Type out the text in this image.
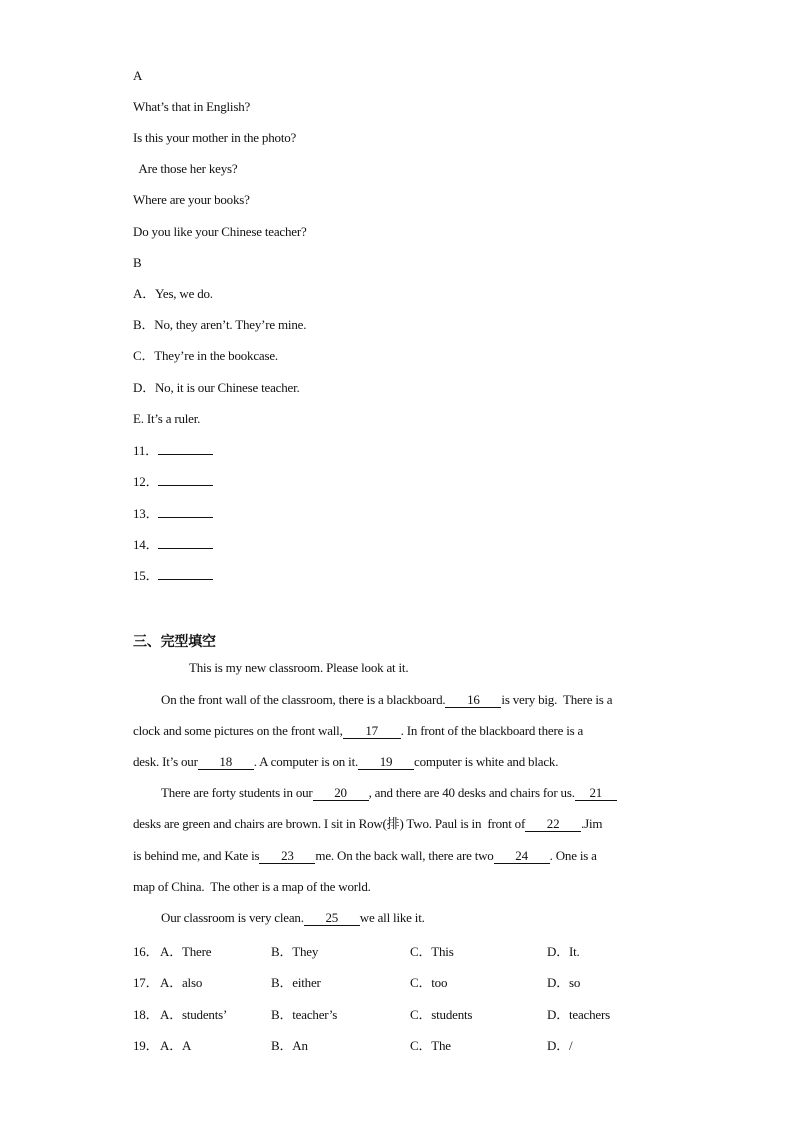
A
What’s that in English?
Is this your mother in the photo?
Are those her keys?
Where are your books?
Do you like your Chinese teacher?
B
A．Yes, we do.
B．No, they aren’t. They’re mine.
C．They’re in the bookcase.
D．No, it is our Chinese teacher.
E. It’s a ruler.
11．
12．
13．
14．
15．
三、完型填空
This is my new classroom. Please look at it.
On the front wall of the classroom, there is a blackboard. 16 is very big.  There is a
clock and some pictures on the front wall, 17 . In front of the blackboard there is a
desk. It’s our 18 . A computer is on it. 19 computer is white and black.
There are forty students in our 20 , and there are 40 desks and chairs for us. 21
desks are green and chairs are brown. I sit in Row(排) Two. Paul is in  front of 22 .Jim
is behind me, and Kate is 23 me. On the back wall, there are two 24 . One is a
map of China.  The other is a map of the world.
Our classroom is very clean. 25 we all like it.
16． A．There	B．They	C．This	D．It.
17． A．also	B．either	C．too	D．so
18． A．students’	B．teacher’s	C．students	D．teachers
19． A．A	B．An	C．The	D．/
